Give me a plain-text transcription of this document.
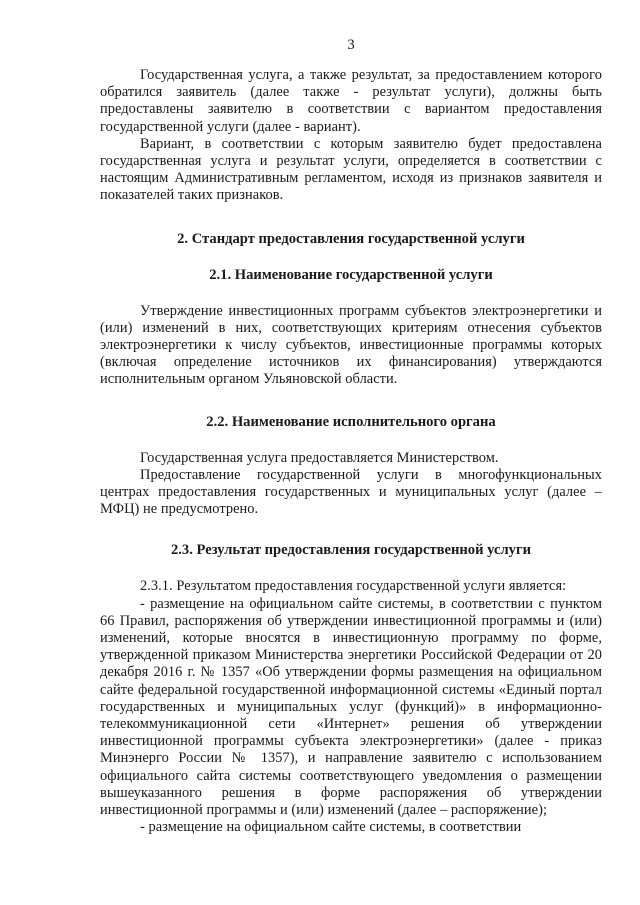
3

Государственная услуга, а также результат, за предоставлением которого обратился заявитель (далее также - результат услуги), должны быть предоставлены заявителю в соответствии с вариантом предоставления государственной услуги (далее - вариант).

Вариант, в соответствии с которым заявителю будет предоставлена государственная услуга и результат услуги, определяется в соответствии с настоящим Административным регламентом, исходя из признаков заявителя и показателей таких признаков.

2. Стандарт предоставления государственной услуги
2.1. Наименование государственной услуги

Утверждение инвестиционных программ субъектов электроэнергетики и (или) изменений в них, соответствующих критериям отнесения субъектов электроэнергетики к числу субъектов, инвестиционные программы которых (включая определение источников их финансирования) утверждаются исполнительным органом Ульяновской области.

2.2. Наименование исполнительного органа

Государственная услуга предоставляется Министерством.

Предоставление государственной услуги в многофункциональных центрах предоставления государственных и муниципальных услуг (далее – МФЦ) не предусмотрено.

2.3. Результат предоставления государственной услуги

2.3.1. Результатом предоставления государственной услуги является:

- размещение на официальном сайте системы, в соответствии с пунктом 66 Правил, распоряжения об утверждении инвестиционной программы и (или) изменений, которые вносятся в инвестиционную программу по форме, утвержденной приказом Министерства энергетики Российской Федерации от 20 декабря 2016 г. № 1357 «Об утверждении формы размещения на официальном сайте федеральной государственной информационной системы «Единый портал государственных и муниципальных услуг (функций)» в информационно-телекоммуникационной сети «Интернет» решения об утверждении инвестиционной программы субъекта электроэнергетики» (далее - приказ Минэнерго России № 1357), и направление заявителю с использованием официального сайта системы соответствующего уведомления о размещении вышеуказанного решения в форме распоряжения об утверждении инвестиционной программы и (или) изменений (далее – распоряжение);

- размещение на официальном сайте системы, в соответствии
